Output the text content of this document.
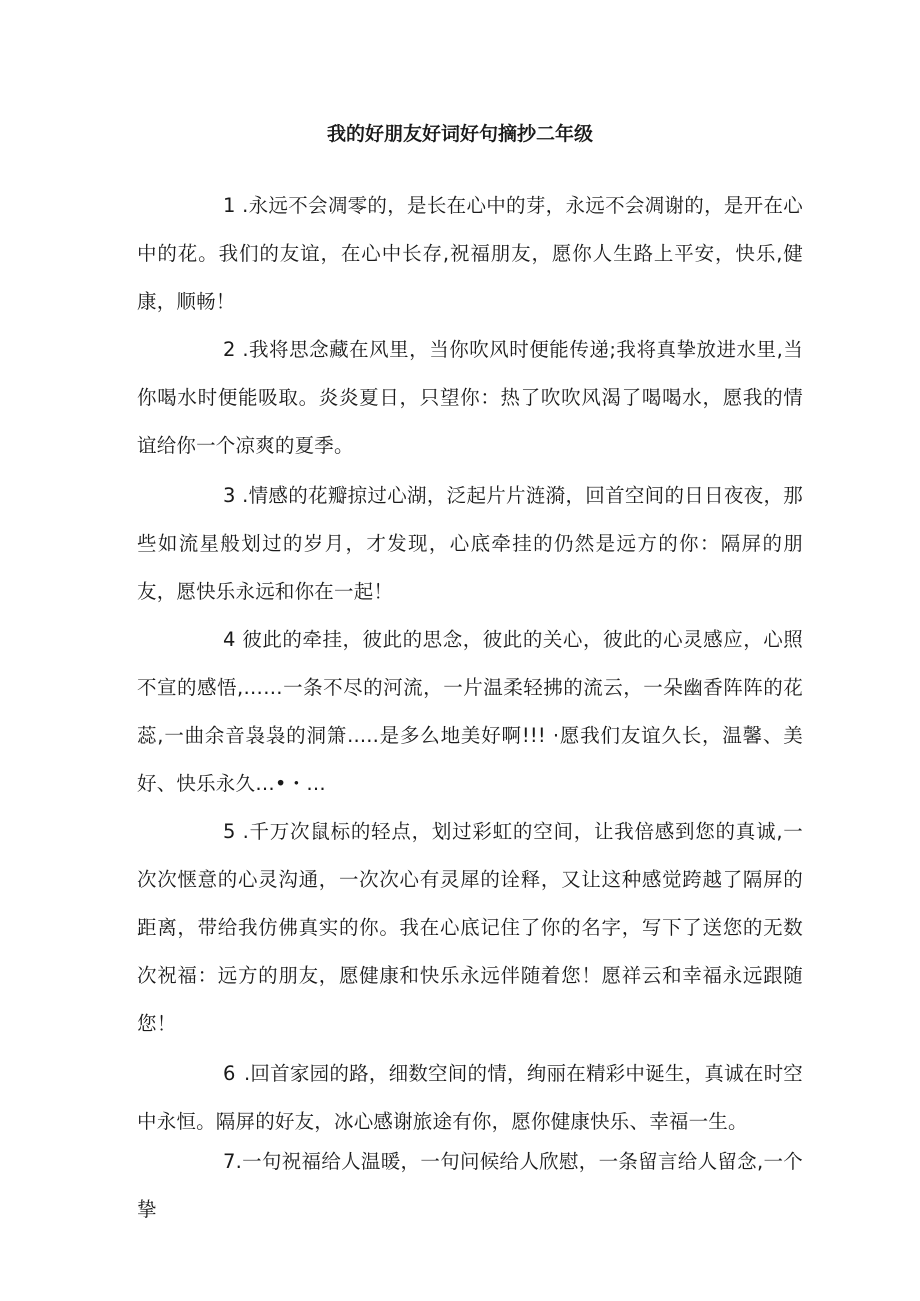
我的好朋友好词好句摘抄二年级

1 .永远不会凋零的，是长在心中的芽，永远不会凋谢的，是开在心中的花。我们的友谊，在心中长存,祝福朋友，愿你人生路上平安，快乐,健康，顺畅！

2 .我将思念藏在风里，当你吹风时便能传递;我将真挚放进水里,当你喝水时便能吸取。炎炎夏日，只望你：热了吹吹风渴了喝喝水，愿我的情谊给你一个凉爽的夏季。

3 .情感的花瓣掠过心湖，泛起片片涟漪，回首空间的日日夜夜，那些如流星般划过的岁月，才发现，心底牵挂的仍然是远方的你：隔屏的朋友，愿快乐永远和你在一起！

4 彼此的牵挂，彼此的思念，彼此的关心，彼此的心灵感应，心照不宣的感悟,……一条不尽的河流，一片温柔轻拂的流云，一朵幽香阵阵的花蕊,一曲余音袅袅的洞箫.....是多么地美好啊!!! ·愿我们友谊久长，温馨、美好、快乐永久…•・…

5 .千万次鼠标的轻点，划过彩虹的空间，让我倍感到您的真诚,一次次惬意的心灵沟通，一次次心有灵犀的诠释，又让这种感觉跨越了隔屏的距离，带给我仿佛真实的你。我在心底记住了你的名字，写下了送您的无数次祝福：远方的朋友，愿健康和快乐永远伴随着您！愿祥云和幸福永远跟随您！

6 .回首家园的路，细数空间的情，绚丽在精彩中诞生，真诚在时空中永恒。隔屏的好友，冰心感谢旅途有你，愿你健康快乐、幸福一生。

7.一句祝福给人温暖，一句问候给人欣慰，一条留言给人留念,一个挚
